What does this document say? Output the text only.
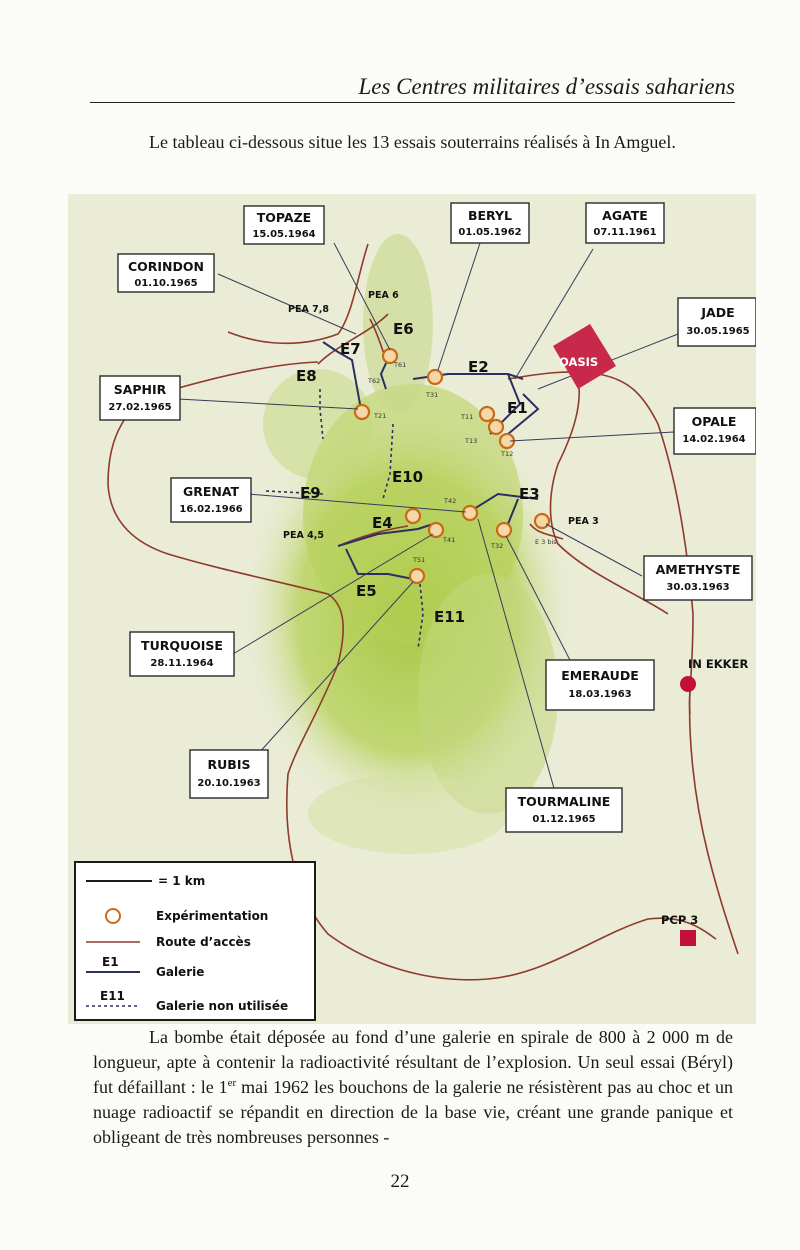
Les Centres militaires d’essais sahariens

Le tableau ci-dessous situe les 13 essais souterrains réalisés à In Amguel.

OASIS
IN EKKER
PCP 3
E6
E7
E8	E2
E1
E10
E9	E3
E4
E5
E11
PEA 6
PEA 7,8
PEA 3
PEA 4,5
T61
T62
T21
T31
T11
T13
T12
T42
T41
T32
T51
E 3 bis
TOPAZE
15.05.1964
BERYL
01.05.1962
AGATE
07.11.1961
CORINDON
01.10.1965
JADE
30.05.1965
SAPHIR
27.02.1965
OPALE
14.02.1964
GRENAT
16.02.1966
AMETHYSTE
30.03.1963
TURQUOISE
28.11.1964
EMERAUDE
18.03.1963
RUBIS
20.10.1963
TOURMALINE
01.12.1965
= 1 km
Expérimentation
Route d’accès
E1
Galerie
E11
Galerie non utilisée

La bombe était déposée au fond d’une galerie en spirale de 800 à 2 000 m de longueur, apte à contenir la radioactivité résultant de l’explosion. Un seul essai (Béryl) fut défaillant : le 1er mai 1962 les bouchons de la galerie ne résistèrent pas au choc et un nuage radioactif se répandit en direction de la base vie, créant une grande panique et obligeant de très nombreuses personnes -

22
